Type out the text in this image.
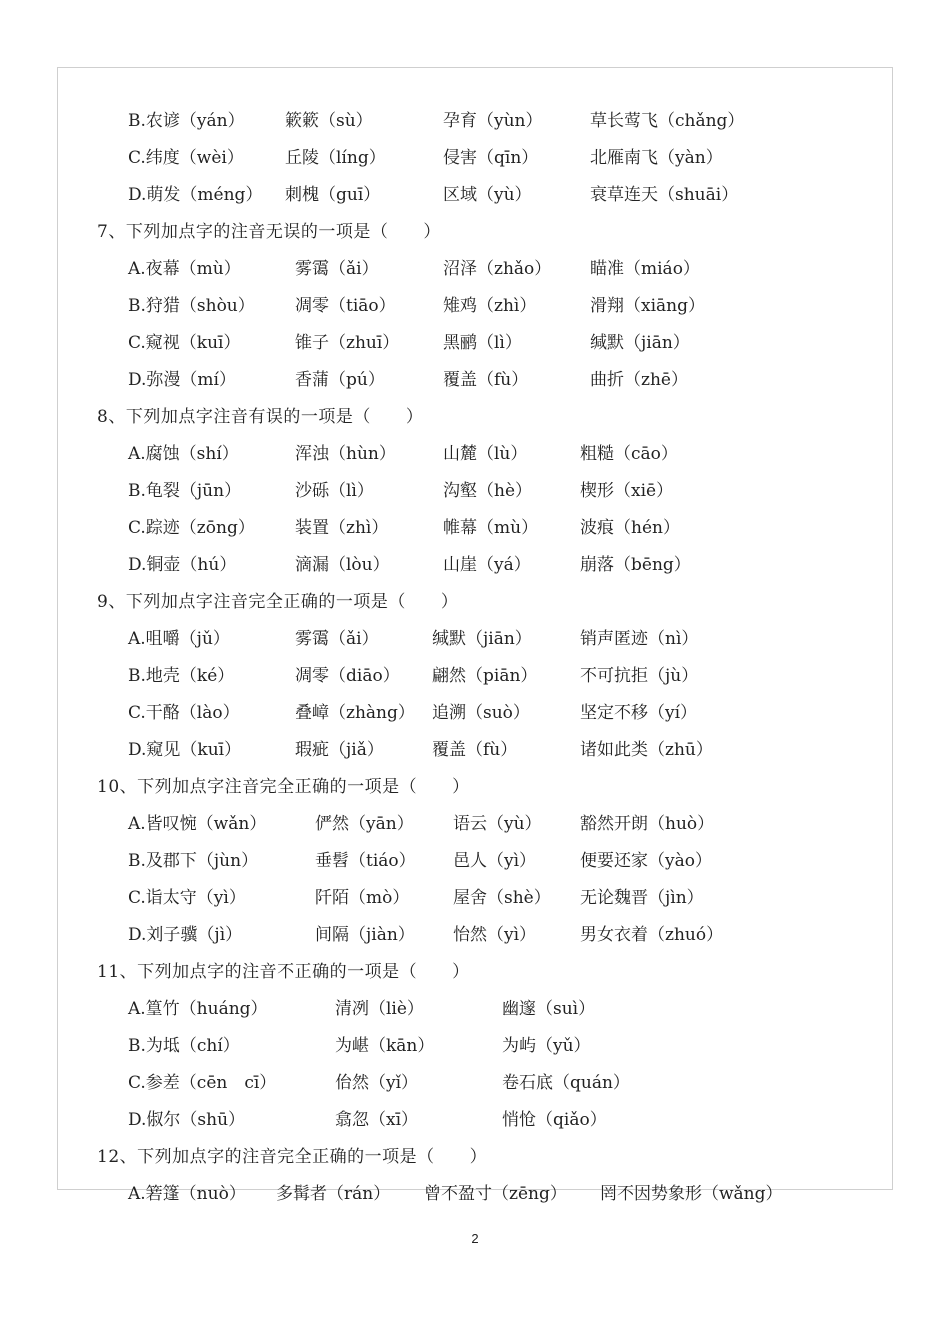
B.农谚（yán） 簌簌（sù）	孕育（yùn）	草长莺飞（chǎng）
C.纬度（wèi） 丘陵（líng）	侵害（qīn）	北雁南飞（yàn）
D.萌发（méng） 刺槐（guī）	区域（yù）	衰草连天（shuāi）
7、下列加点字的注音无误的一项是（　　）
A.夜幕（mù）	雾霭（ǎi）	沼泽（zhǎo） 瞄准（miáo）
B.狩猎（shòu） 凋零（tiāo）	雉鸡（zhì）	滑翔（xiāng）
C.窥视（kuī）	锥子（zhuī）	黑鹂（lì）	缄默（jiān）
D.弥漫（mí）	香蒲（pú）	覆盖（fù）	曲折（zhē）
8、下列加点字注音有误的一项是（　　）
A.腐蚀（shí）	浑浊（hùn）	山麓（lù）	粗糙（cāo）
B.龟裂（jūn）	沙砾（lì）	沟壑（hè）	楔形（xiē）
C.踪迹（zōng） 装置（zhì）	帷幕（mù） 波痕（hén）
D.铜壶（hú）	滴漏（lòu）	山崖（yá）	崩落（bēng）
9、下列加点字注音完全正确的一项是（　　）
A.咀嚼（jǔ）	雾霭（ǎi）	缄默（jiān）	销声匿迹（nì）
B.地壳（ké）	凋零（diāo） 翩然（piān）	不可抗拒（jù）
C.干酪（lào）	叠嶂（zhàng） 追溯（suò）	坚定不移（yí）
D.窥见（kuī）	瑕疵（jiǎ）	覆盖（fù）	诸如此类（zhū）
10、下列加点字注音完全正确的一项是（　　）
A.皆叹惋（wǎn）	俨然（yān） 语云（yù） 豁然开朗（huò）
B.及郡下（jùn）	垂髫（tiáo） 邑人（yì）	便要还家（yào）
C.诣太守（yì）	阡陌（mò）	屋舍（shè） 无论魏晋（jìn）
D.刘子骥（jì）	间隔（jiàn） 怡然（yì）	男女衣着（zhuó）
11、下列加点字的注音不正确的一项是（　　）
A.篁竹（huáng）	清冽（liè）	幽邃（suì）
B.为坻（chí）	为嵁（kān）	为屿（yǔ）
C.参差（cēn　cī）	佁然（yǐ）	卷石底（quán）
D.俶尔（shū）	翕忽（xī）	悄怆（qiǎo）
12、下列加点字的注音完全正确的一项是（　　）
A.箬篷（nuò） 多髯者（rán） 曾不盈寸（zēng） 罔不因势象形（wǎng）
2
